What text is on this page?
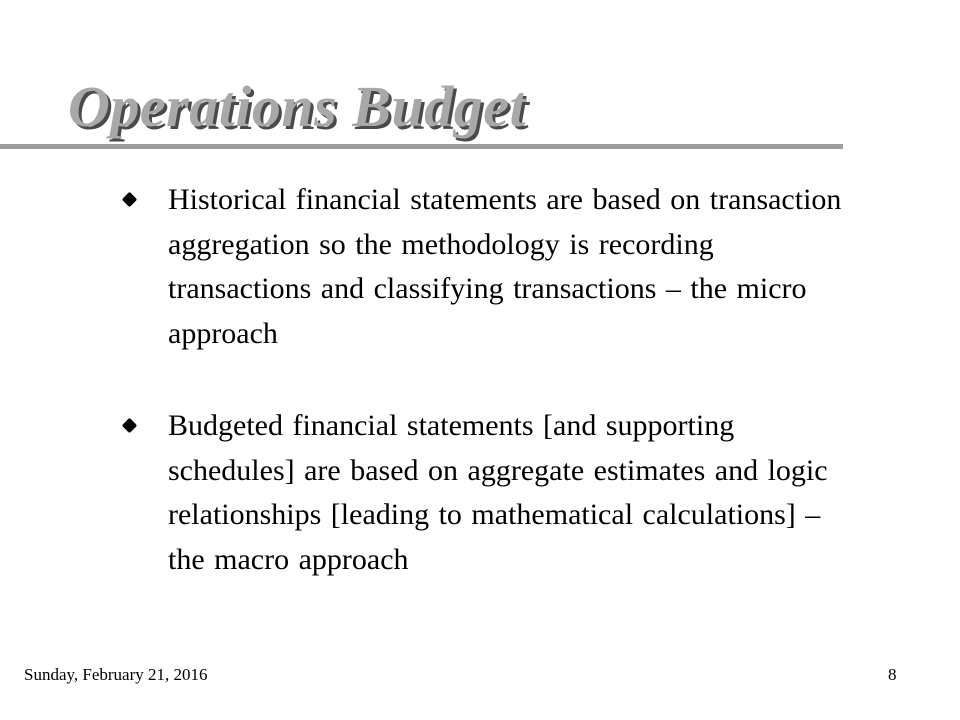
Operations Budget
Historical financial statements are based on transaction aggregation so the methodology is recording transactions and classifying transactions – the micro approach
Budgeted financial statements [and supporting schedules] are based on aggregate estimates and logic relationships [leading to mathematical calculations] – the macro approach
Sunday, February 21, 2016	8
